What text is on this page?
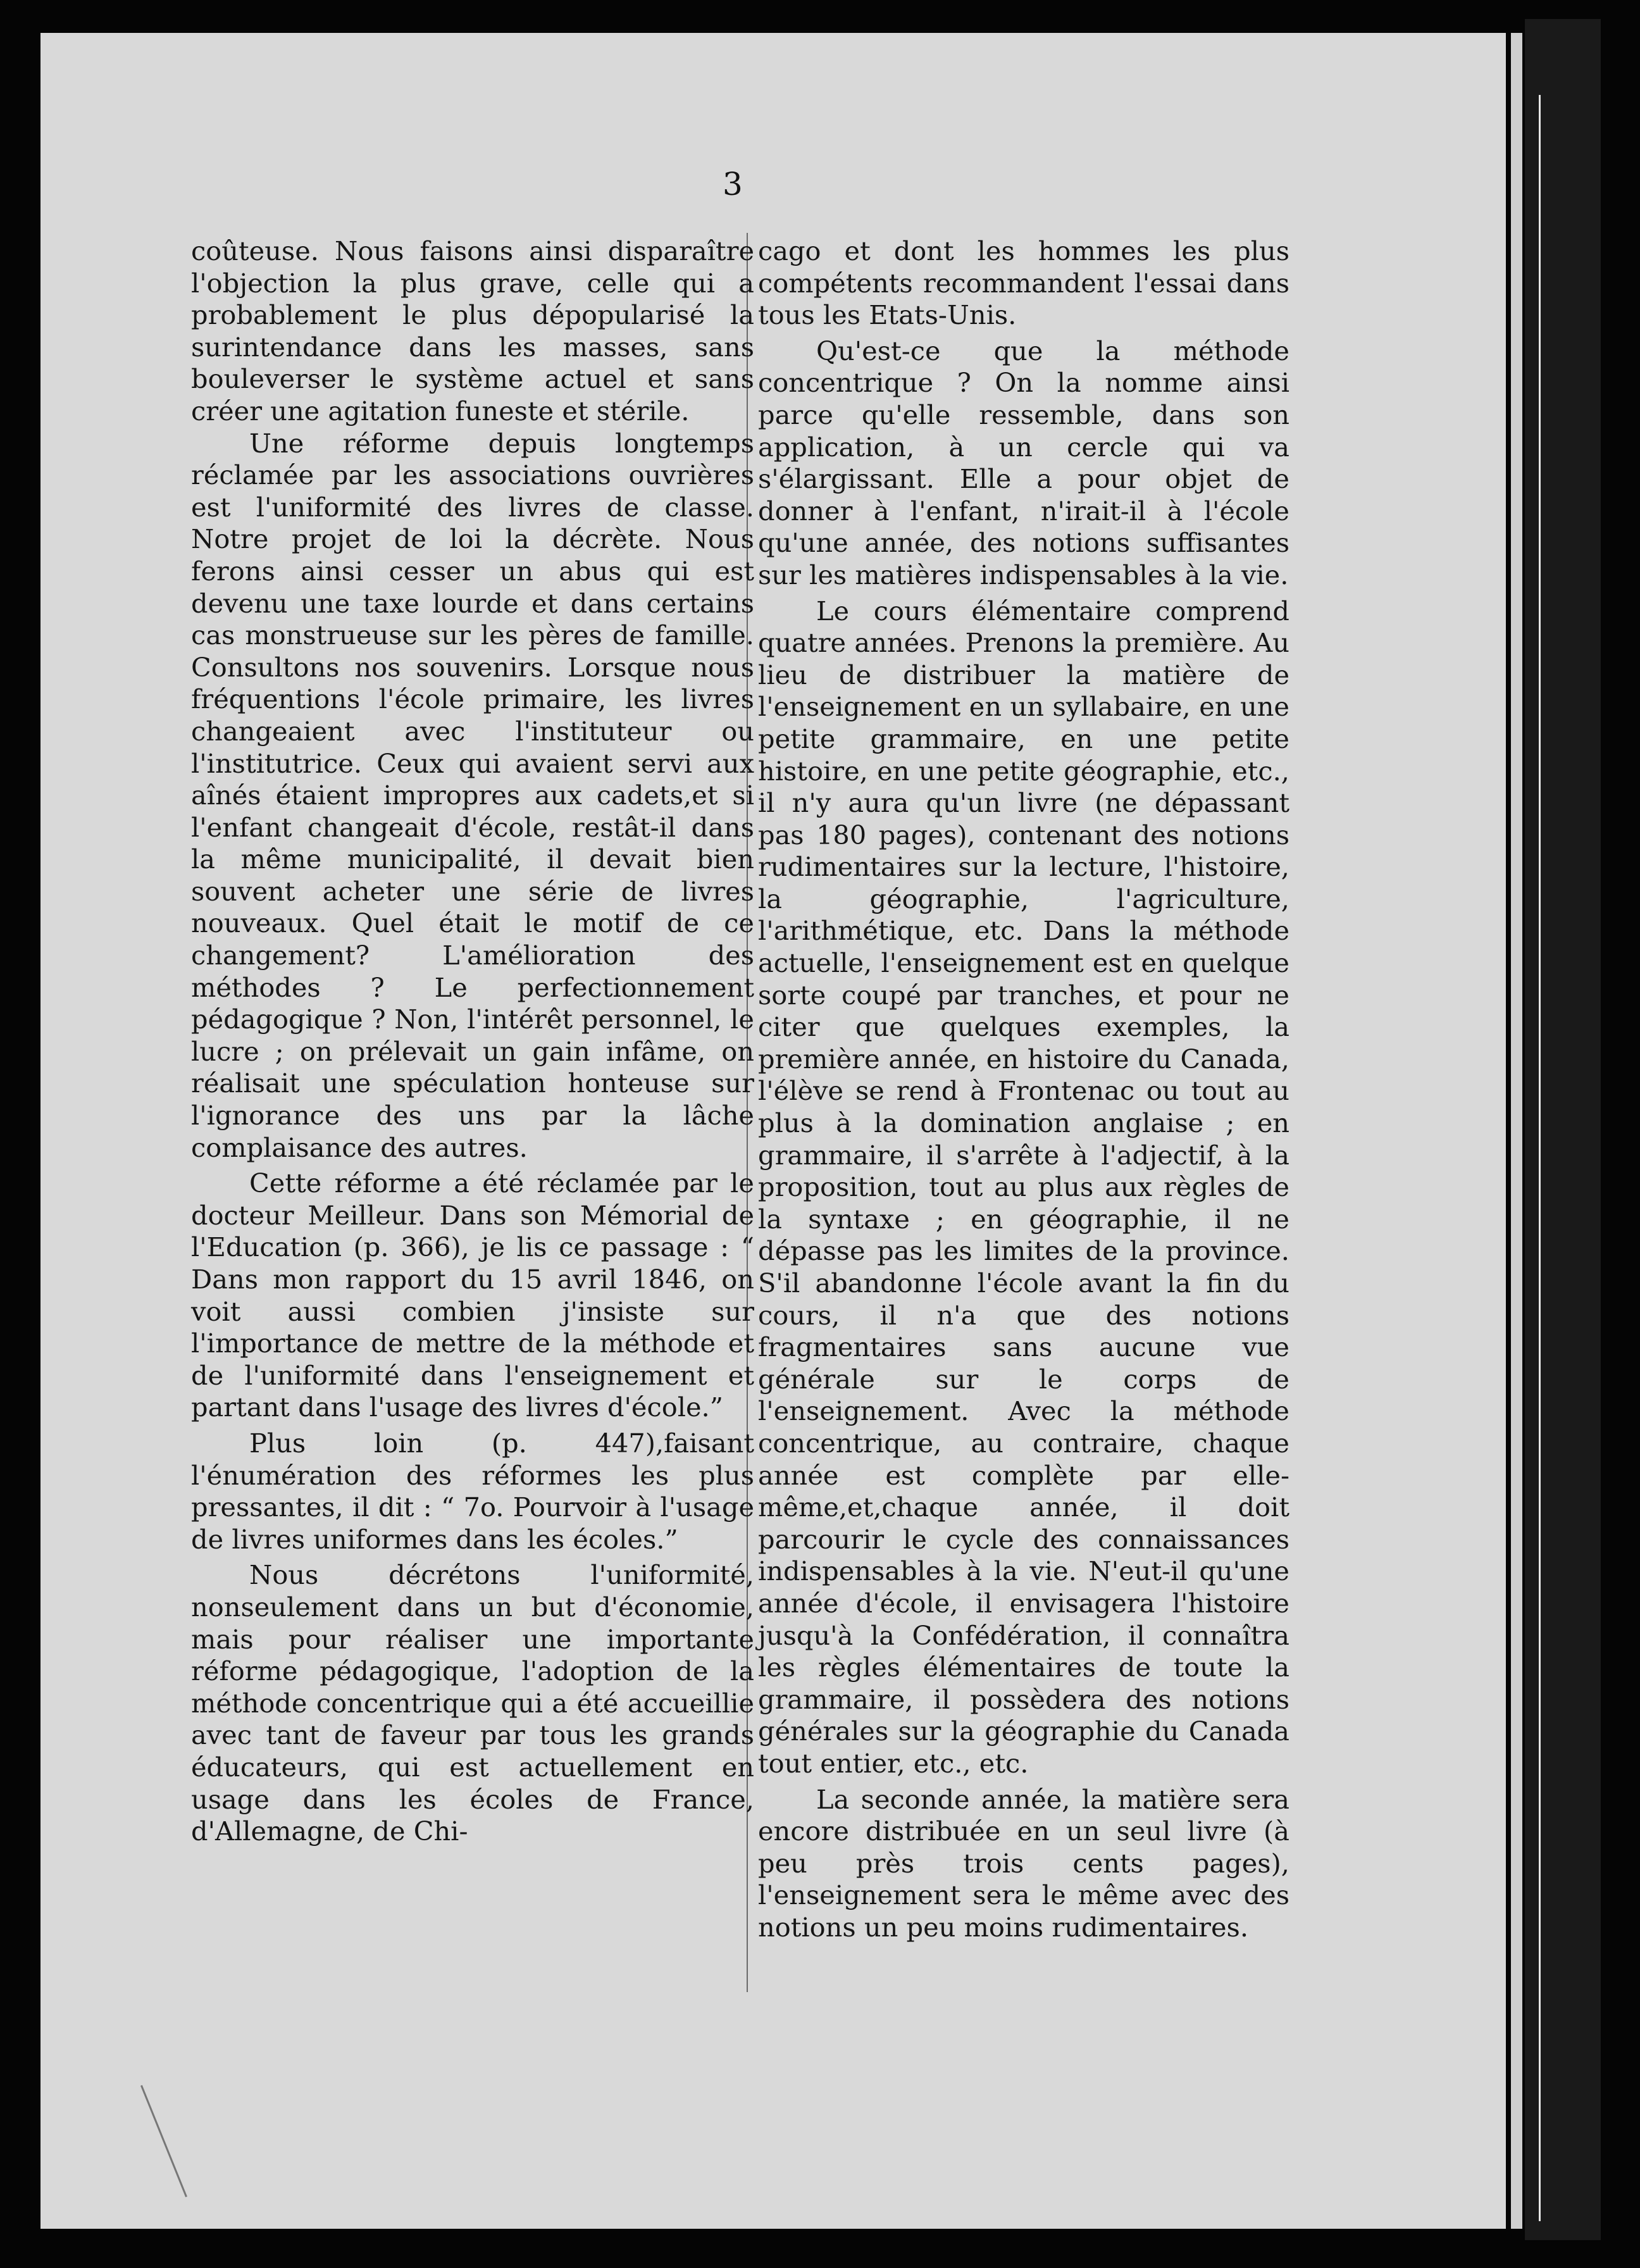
3

coûteuse. Nous faisons ainsi disparaître l'objection la plus grave, celle qui a probablement le plus dépopularisé la surintendance dans les masses, sans bouleverser le système actuel et sans créer une agitation funeste et stérile.

Une réforme depuis longtemps réclamée par les associations ouvrières est l'uniformité des livres de classe. Notre projet de loi la décrète. Nous ferons ainsi cesser un abus qui est devenu une taxe lourde et dans certains cas monstrueuse sur les pères de famille. Consultons nos souvenirs. Lorsque nous fréquentions l'école primaire, les livres changeaient avec l'instituteur ou l'institutrice. Ceux qui avaient servi aux aînés étaient impropres aux cadets,et si l'enfant changeait d'école, restât-il dans la même municipalité, il devait bien souvent acheter une série de livres nouveaux. Quel était le motif de ce changement? L'amélioration des méthodes ? Le perfectionnement pédagogique ? Non, l'intérêt personnel, le lucre ; on prélevait un gain infâme, on réalisait une spéculation honteuse sur l'ignorance des uns par la lâche complaisance des autres.

Cette réforme a été réclamée par le docteur Meilleur. Dans son Mémorial de l'Education (p. 366), je lis ce passage : “ Dans mon rapport du 15 avril 1846, on voit aussi combien j'insiste sur l'importance de mettre de la méthode et de l'uniformité dans l'enseignement et partant dans l'usage des livres d'école.”

Plus loin (p. 447),faisant l'énumération des réformes les plus pressantes, il dit : “ 7o. Pourvoir à l'usage de livres uniformes dans les écoles.”

Nous décrétons l'uniformité, nonseulement dans un but d'économie, mais pour réaliser une importante réforme pédagogique, l'adoption de la méthode concentrique qui a été accueillie avec tant de faveur par tous les grands éducateurs, qui est actuellement en usage dans les écoles de France, d'Allemagne, de Chi-

cago et dont les hommes les plus compétents recommandent l'essai dans tous les Etats-Unis.

Qu'est-ce que la méthode concentrique ? On la nomme ainsi parce qu'elle ressemble, dans son application, à un cercle qui va s'élargissant. Elle a pour objet de donner à l'enfant, n'irait-il à l'école qu'une année, des notions suffisantes sur les matières indispensables à la vie.

Le cours élémentaire comprend quatre années. Prenons la première. Au lieu de distribuer la matière de l'enseignement en un syllabaire, en une petite grammaire, en une petite histoire, en une petite géographie, etc., il n'y aura qu'un livre (ne dépassant pas 180 pages), contenant des notions rudimentaires sur la lecture, l'histoire, la géographie, l'agriculture, l'arithmétique, etc. Dans la méthode actuelle, l'enseignement est en quelque sorte coupé par tranches, et pour ne citer que quelques exemples, la première année, en histoire du Canada, l'élève se rend à Frontenac ou tout au plus à la domination anglaise ; en grammaire, il s'arrête à l'adjectif, à la proposition, tout au plus aux règles de la syntaxe ; en géographie, il ne dépasse pas les limites de la province. S'il abandonne l'école avant la fin du cours, il n'a que des notions fragmentaires sans aucune vue générale sur le corps de l'enseignement. Avec la méthode concentrique, au contraire, chaque année est complète par elle-même,et,chaque année, il doit parcourir le cycle des connaissances indispensables à la vie. N'eut-il qu'une année d'école, il envisagera l'histoire jusqu'à la Confédération, il connaîtra les règles élémentaires de toute la grammaire, il possèdera des notions générales sur la géographie du Canada tout entier, etc., etc.

La seconde année, la matière sera encore distribuée en un seul livre (à peu près trois cents pages), l'enseignement sera le même avec des notions un peu moins rudimentaires.
